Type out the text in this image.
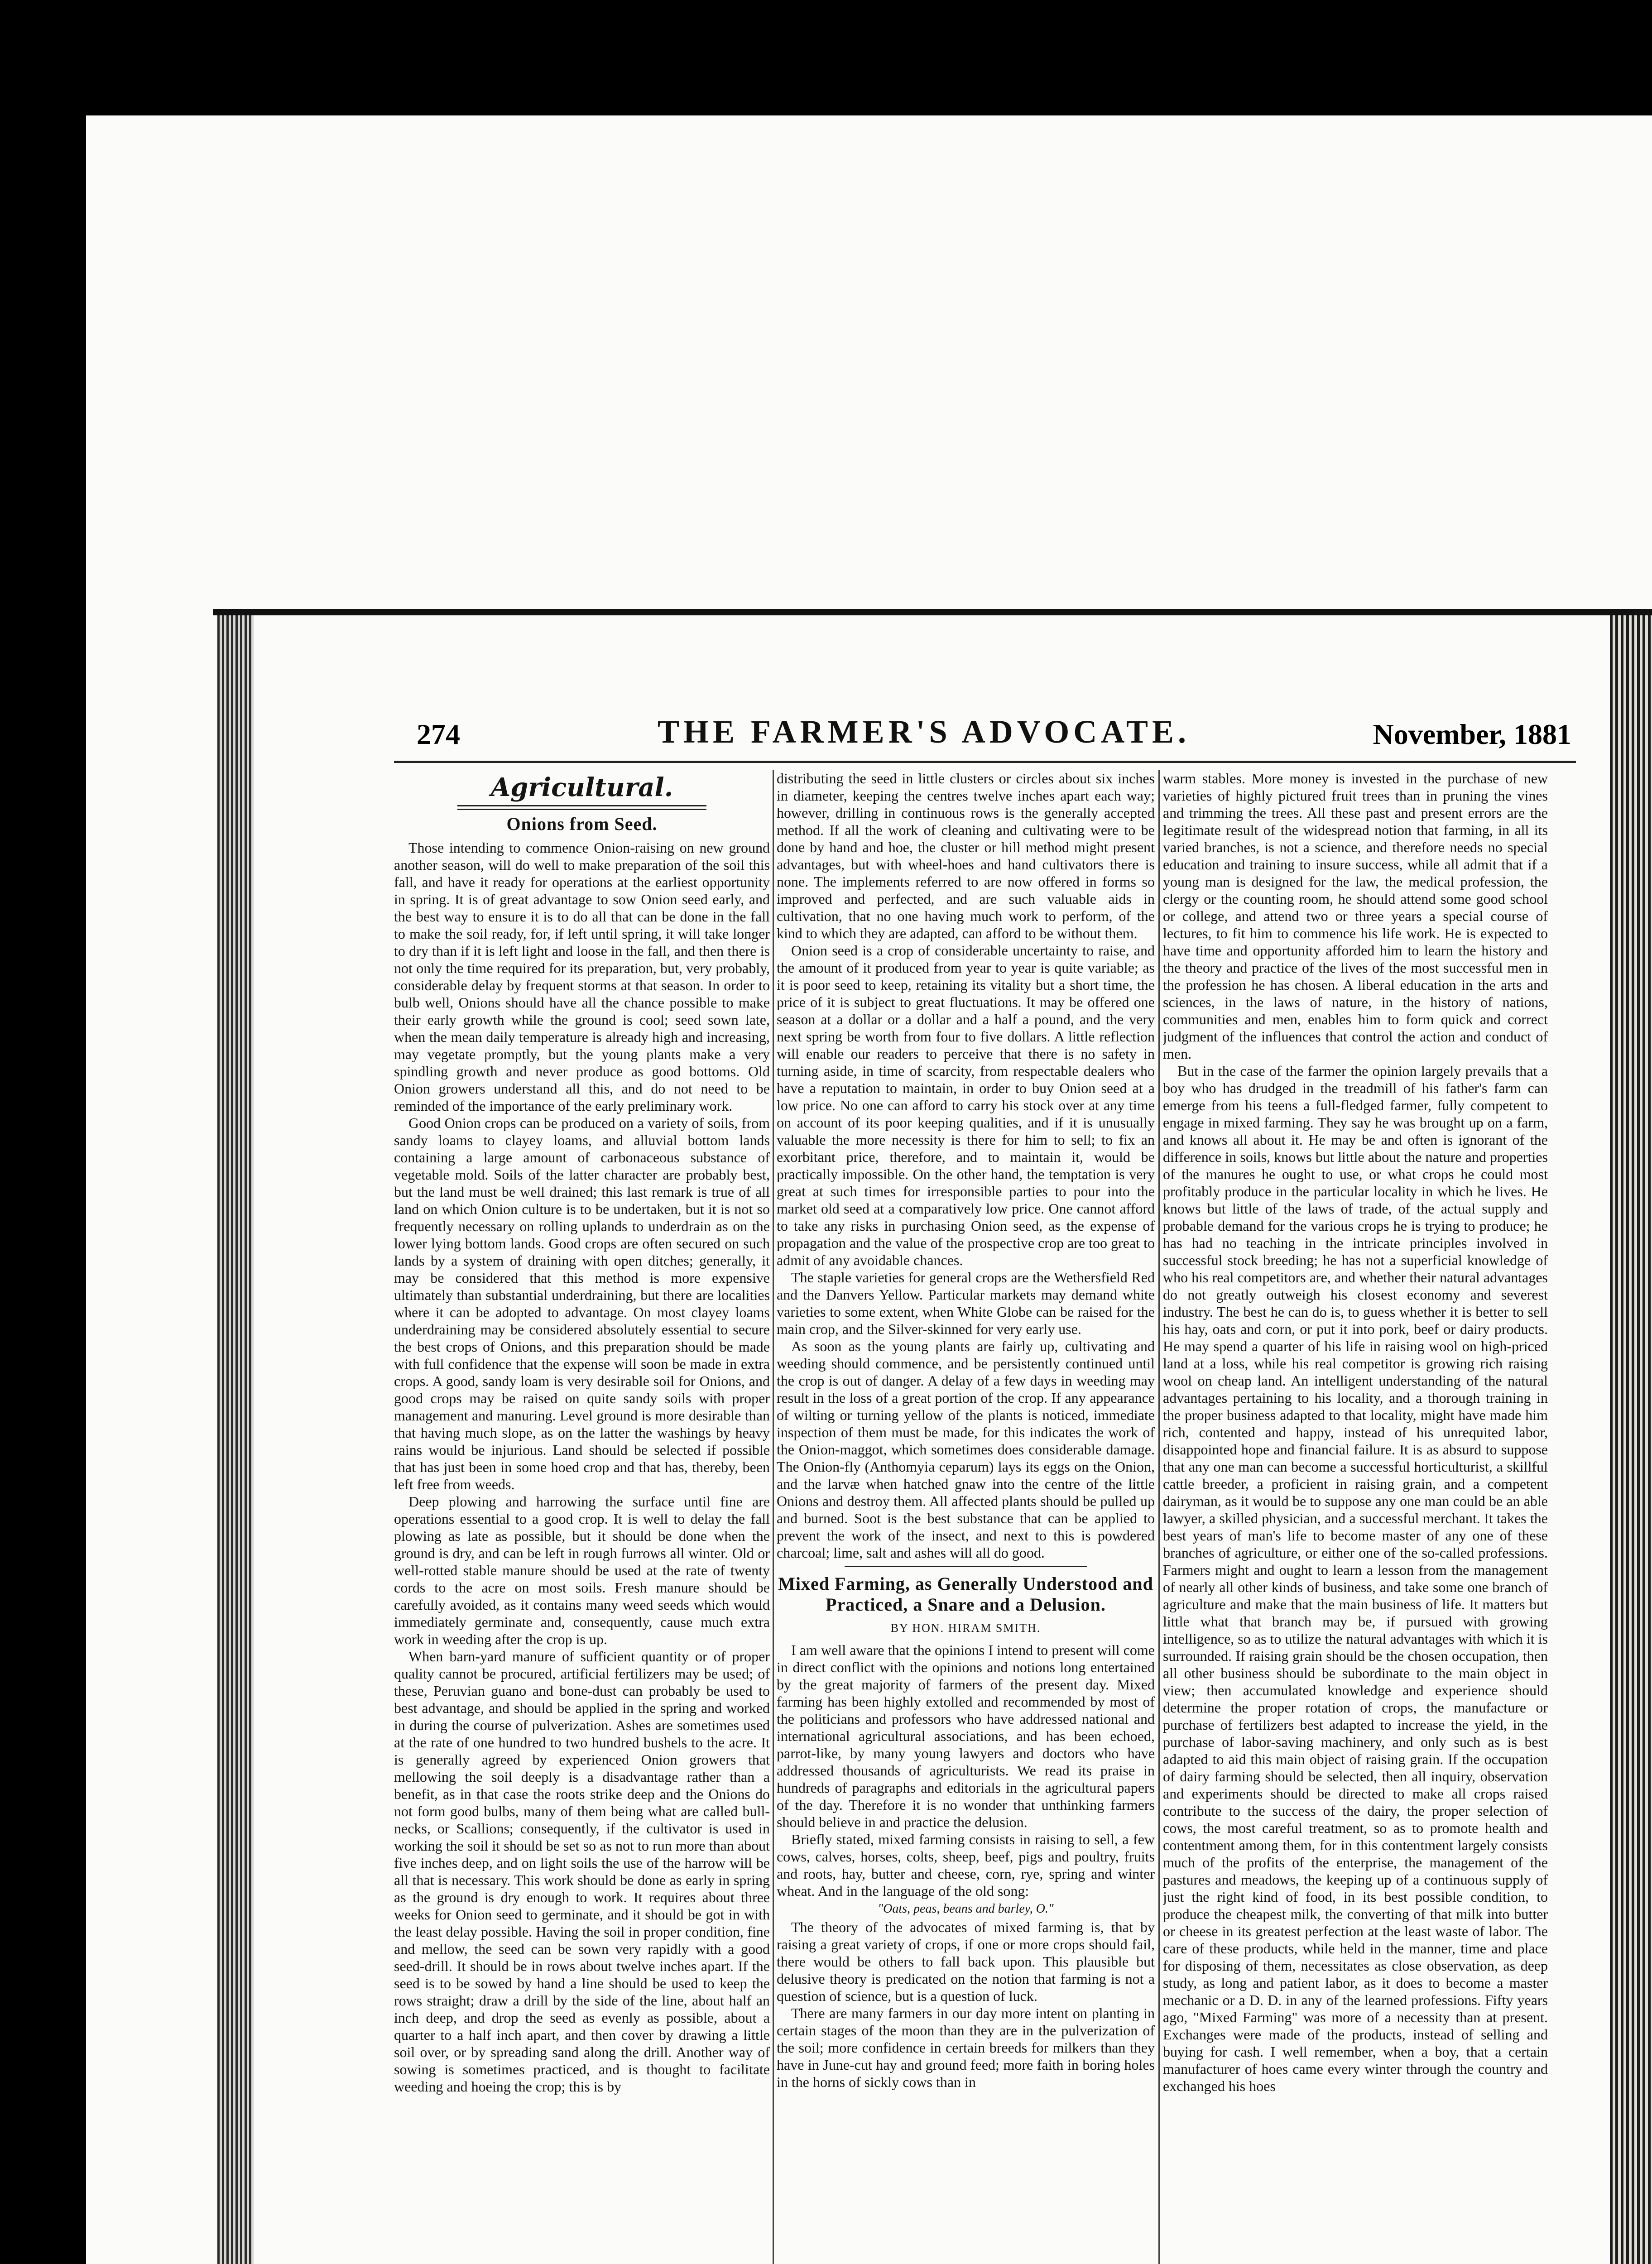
274	THE FARMER'S ADVOCATE.	November, 1881
Agricultural.
Onions from Seed.

Those intending to commence Onion-raising on new ground another season, will do well to make preparation of the soil this fall, and have it ready for operations at the earliest opportunity in spring. It is of great advantage to sow Onion seed early, and the best way to ensure it is to do all that can be done in the fall to make the soil ready, for, if left until spring, it will take longer to dry than if it is left light and loose in the fall, and then there is not only the time required for its preparation, but, very probably, considerable delay by frequent storms at that season. In order to bulb well, Onions should have all the chance possible to make their early growth while the ground is cool; seed sown late, when the mean daily temperature is already high and increasing, may vegetate promptly, but the young plants make a very spindling growth and never produce as good bottoms. Old Onion growers understand all this, and do not need to be reminded of the importance of the early preliminary work.

Good Onion crops can be produced on a variety of soils, from sandy loams to clayey loams, and alluvial bottom lands containing a large amount of carbonaceous substance of vegetable mold. Soils of the latter character are probably best, but the land must be well drained; this last remark is true of all land on which Onion culture is to be undertaken, but it is not so frequently necessary on rolling uplands to underdrain as on the lower lying bottom lands. Good crops are often secured on such lands by a system of draining with open ditches; generally, it may be considered that this method is more expensive ultimately than substantial underdraining, but there are localities where it can be adopted to advantage. On most clayey loams underdraining may be considered absolutely essential to secure the best crops of Onions, and this preparation should be made with full confidence that the expense will soon be made in extra crops. A good, sandy loam is very desirable soil for Onions, and good crops may be raised on quite sandy soils with proper management and manuring. Level ground is more desirable than that having much slope, as on the latter the washings by heavy rains would be injurious. Land should be selected if possible that has just been in some hoed crop and that has, thereby, been left free from weeds.

Deep plowing and harrowing the surface until fine are operations essential to a good crop. It is well to delay the fall plowing as late as possible, but it should be done when the ground is dry, and can be left in rough furrows all winter. Old or well-rotted stable manure should be used at the rate of twenty cords to the acre on most soils. Fresh manure should be carefully avoided, as it contains many weed seeds which would immediately germinate and, consequently, cause much extra work in weeding after the crop is up.

When barn-yard manure of sufficient quantity or of proper quality cannot be procured, artificial fertilizers may be used; of these, Peruvian guano and bone-dust can probably be used to best advantage, and should be applied in the spring and worked in during the course of pulverization. Ashes are sometimes used at the rate of one hundred to two hundred bushels to the acre. It is generally agreed by experienced Onion growers that mellowing the soil deeply is a disadvantage rather than a benefit, as in that case the roots strike deep and the Onions do not form good bulbs, many of them being what are called bull-necks, or Scallions; consequently, if the cultivator is used in working the soil it should be set so as not to run more than about five inches deep, and on light soils the use of the harrow will be all that is necessary. This work should be done as early in spring as the ground is dry enough to work. It requires about three weeks for Onion seed to germinate, and it should be got in with the least delay possible. Having the soil in proper condition, fine and mellow, the seed can be sown very rapidly with a good seed-drill. It should be in rows about twelve inches apart. If the seed is to be sowed by hand a line should be used to keep the rows straight; draw a drill by the side of the line, about half an inch deep, and drop the seed as evenly as possible, about a quarter to a half inch apart, and then cover by drawing a little soil over, or by spreading sand along the drill. Another way of sowing is sometimes practiced, and is thought to facilitate weeding and hoeing the crop; this is by

distributing the seed in little clusters or circles about six inches in diameter, keeping the centres twelve inches apart each way; however, drilling in continuous rows is the generally accepted method. If all the work of cleaning and cultivating were to be done by hand and hoe, the cluster or hill method might present advantages, but with wheel-hoes and hand cultivators there is none. The implements referred to are now offered in forms so improved and perfected, and are such valuable aids in cultivation, that no one having much work to perform, of the kind to which they are adapted, can afford to be without them.

Onion seed is a crop of considerable uncertainty to raise, and the amount of it produced from year to year is quite variable; as it is poor seed to keep, retaining its vitality but a short time, the price of it is subject to great fluctuations. It may be offered one season at a dollar or a dollar and a half a pound, and the very next spring be worth from four to five dollars. A little reflection will enable our readers to perceive that there is no safety in turning aside, in time of scarcity, from respectable dealers who have a reputation to maintain, in order to buy Onion seed at a low price. No one can afford to carry his stock over at any time on account of its poor keeping qualities, and if it is unusually valuable the more necessity is there for him to sell; to fix an exorbitant price, therefore, and to maintain it, would be practically impossible. On the other hand, the temptation is very great at such times for irresponsible parties to pour into the market old seed at a comparatively low price. One cannot afford to take any risks in purchasing Onion seed, as the expense of propagation and the value of the prospective crop are too great to admit of any avoidable chances.

The staple varieties for general crops are the Wethersfield Red and the Danvers Yellow. Particular markets may demand white varieties to some extent, when White Globe can be raised for the main crop, and the Silver-skinned for very early use.

As soon as the young plants are fairly up, cultivating and weeding should commence, and be persistently continued until the crop is out of danger. A delay of a few days in weeding may result in the loss of a great portion of the crop. If any appearance of wilting or turning yellow of the plants is noticed, immediate inspection of them must be made, for this indicates the work of the Onion-maggot, which sometimes does considerable damage. The Onion-fly (Anthomyia ceparum) lays its eggs on the Onion, and the larvæ when hatched gnaw into the centre of the little Onions and destroy them. All affected plants should be pulled up and burned. Soot is the best substance that can be applied to prevent the work of the insect, and next to this is powdered charcoal; lime, salt and ashes will all do good.

Mixed Farming, as Generally Understood and Practiced, a Snare and a Delusion.
BY HON. HIRAM SMITH.

I am well aware that the opinions I intend to present will come in direct conflict with the opinions and notions long entertained by the great majority of farmers of the present day. Mixed farming has been highly extolled and recommended by most of the politicians and professors who have addressed national and international agricultural associations, and has been echoed, parrot-like, by many young lawyers and doctors who have addressed thousands of agriculturists. We read its praise in hundreds of paragraphs and editorials in the agricultural papers of the day. Therefore it is no wonder that unthinking farmers should believe in and practice the delusion.

Briefly stated, mixed farming consists in raising to sell, a few cows, calves, horses, colts, sheep, beef, pigs and poultry, fruits and roots, hay, butter and cheese, corn, rye, spring and winter wheat. And in the language of the old song:

"Oats, peas, beans and barley, O."

The theory of the advocates of mixed farming is, that by raising a great variety of crops, if one or more crops should fail, there would be others to fall back upon. This plausible but delusive theory is predicated on the notion that farming is not a question of science, but is a question of luck.

There are many farmers in our day more intent on planting in certain stages of the moon than they are in the pulverization of the soil; more confidence in certain breeds for milkers than they have in June-cut hay and ground feed; more faith in boring holes in the horns of sickly cows than in

warm stables. More money is invested in the purchase of new varieties of highly pictured fruit trees than in pruning the vines and trimming the trees. All these past and present errors are the legitimate result of the widespread notion that farming, in all its varied branches, is not a science, and therefore needs no special education and training to insure success, while all admit that if a young man is designed for the law, the medical profession, the clergy or the counting room, he should attend some good school or college, and attend two or three years a special course of lectures, to fit him to commence his life work. He is expected to have time and opportunity afforded him to learn the history and the theory and practice of the lives of the most successful men in the profession he has chosen. A liberal education in the arts and sciences, in the laws of nature, in the history of nations, communities and men, enables him to form quick and correct judgment of the influences that control the action and conduct of men.

But in the case of the farmer the opinion largely prevails that a boy who has drudged in the treadmill of his father's farm can emerge from his teens a full-fledged farmer, fully competent to engage in mixed farming. They say he was brought up on a farm, and knows all about it. He may be and often is ignorant of the difference in soils, knows but little about the nature and properties of the manures he ought to use, or what crops he could most profitably produce in the particular locality in which he lives. He knows but little of the laws of trade, of the actual supply and probable demand for the various crops he is trying to produce; he has had no teaching in the intricate principles involved in successful stock breeding; he has not a superficial knowledge of who his real competitors are, and whether their natural advantages do not greatly outweigh his closest economy and severest industry. The best he can do is, to guess whether it is better to sell his hay, oats and corn, or put it into pork, beef or dairy products. He may spend a quarter of his life in raising wool on high-priced land at a loss, while his real competitor is growing rich raising wool on cheap land. An intelligent understanding of the natural advantages pertaining to his locality, and a thorough training in the proper business adapted to that locality, might have made him rich, contented and happy, instead of his unrequited labor, disappointed hope and financial failure. It is as absurd to suppose that any one man can become a successful horticulturist, a skillful cattle breeder, a proficient in raising grain, and a competent dairyman, as it would be to suppose any one man could be an able lawyer, a skilled physician, and a successful merchant. It takes the best years of man's life to become master of any one of these branches of agriculture, or either one of the so-called professions. Farmers might and ought to learn a lesson from the management of nearly all other kinds of business, and take some one branch of agriculture and make that the main business of life. It matters but little what that branch may be, if pursued with growing intelligence, so as to utilize the natural advantages with which it is surrounded. If raising grain should be the chosen occupation, then all other business should be subordinate to the main object in view; then accumulated knowledge and experience should determine the proper rotation of crops, the manufacture or purchase of fertilizers best adapted to increase the yield, in the purchase of labor-saving machinery, and only such as is best adapted to aid this main object of raising grain. If the occupation of dairy farming should be selected, then all inquiry, observation and experiments should be directed to make all crops raised contribute to the success of the dairy, the proper selection of cows, the most careful treatment, so as to promote health and contentment among them, for in this contentment largely consists much of the profits of the enterprise, the management of the pastures and meadows, the keeping up of a continuous supply of just the right kind of food, in its best possible condition, to produce the cheapest milk, the converting of that milk into butter or cheese in its greatest perfection at the least waste of labor. The care of these products, while held in the manner, time and place for disposing of them, necessitates as close observation, as deep study, as long and patient labor, as it does to become a master mechanic or a D. D. in any of the learned professions. Fifty years ago, "Mixed Farming" was more of a necessity than at present. Exchanges were made of the products, instead of selling and buying for cash. I well remember, when a boy, that a certain manufacturer of hoes came every winter through the country and exchanged his hoes
